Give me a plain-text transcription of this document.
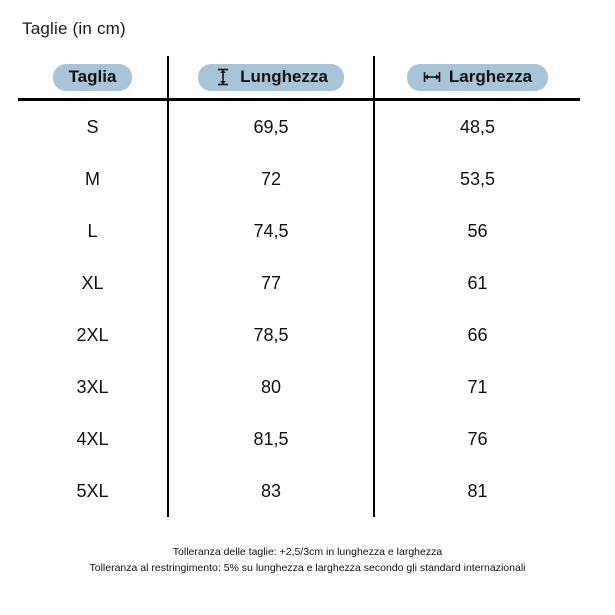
Taglie (in cm)
Taglia	Lunghezza	Larghezza

S	69,5	48,5
M	72	53,5
L	74,5	56
XL	77	61
2XL	78,5	66
3XL	80	71
4XL	81,5	76
5XL	83	81
Tolleranza delle taglie: +2,5/3cm in lunghezza e larghezza
Tolleranza al restringimento: 5% su lunghezza e larghezza secondo gli standard internazionali
